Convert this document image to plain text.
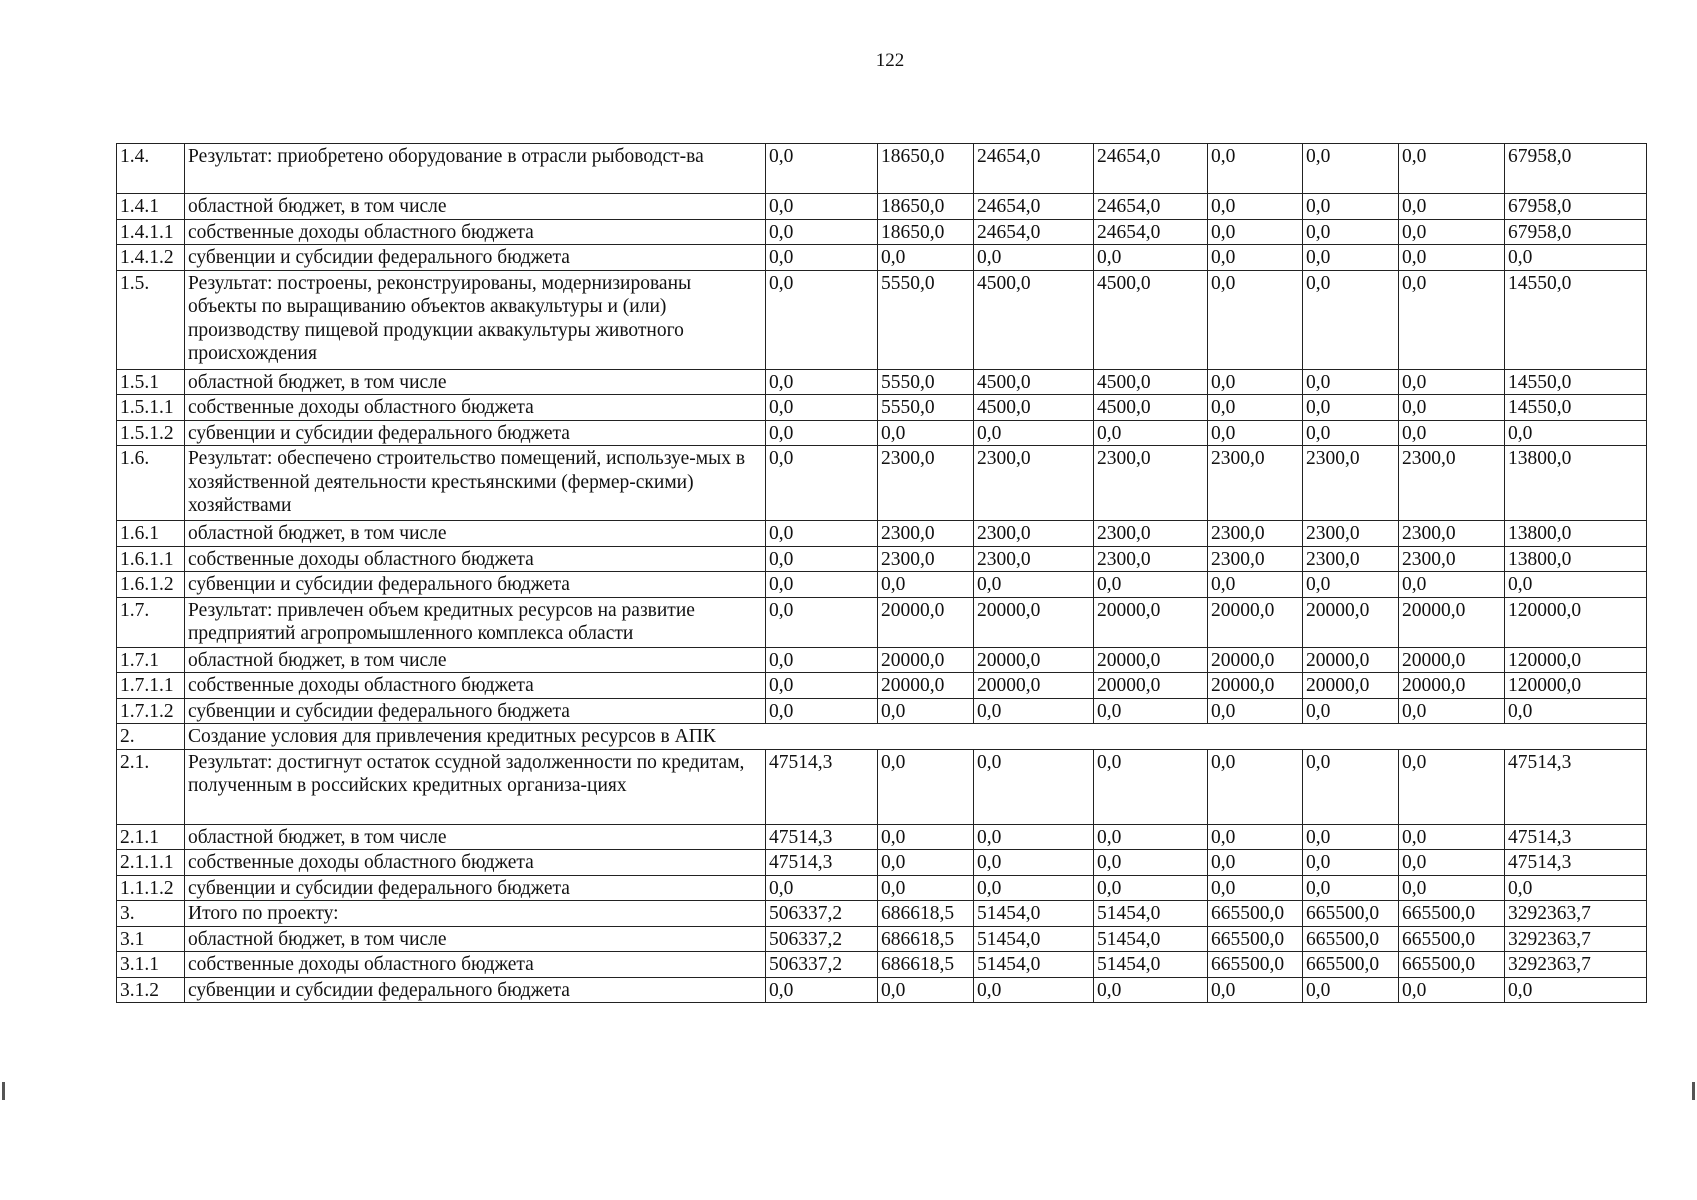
122
1.4.	Результат: приобретено оборудование в отрасли рыбоводст-ва	0,0	18650,0	24654,0	24654,0	0,0	0,0	0,0	67958,0
1.4.1	областной бюджет, в том числе	0,0	18650,0	24654,0	24654,0	0,0	0,0	0,0	67958,0
1.4.1.1	собственные доходы областного бюджета	0,0	18650,0	24654,0	24654,0	0,0	0,0	0,0	67958,0
1.4.1.2	субвенции и субсидии федерального бюджета	0,0	0,0	0,0	0,0	0,0	0,0	0,0	0,0
1.5.	Результат: построены, реконструированы, модернизированы объекты по выращиванию объектов аквакультуры и (или) производству пищевой продукции аквакультуры животного происхождения	0,0	5550,0	4500,0	4500,0	0,0	0,0	0,0	14550,0
1.5.1	областной бюджет, в том числе	0,0	5550,0	4500,0	4500,0	0,0	0,0	0,0	14550,0
1.5.1.1	собственные доходы областного бюджета	0,0	5550,0	4500,0	4500,0	0,0	0,0	0,0	14550,0
1.5.1.2	субвенции и субсидии федерального бюджета	0,0	0,0	0,0	0,0	0,0	0,0	0,0	0,0
1.6.	Результат: обеспечено строительство помещений, используе-мых в хозяйственной деятельности крестьянскими (фермер-скими) хозяйствами	0,0	2300,0	2300,0	2300,0	2300,0	2300,0	2300,0	13800,0
1.6.1	областной бюджет, в том числе	0,0	2300,0	2300,0	2300,0	2300,0	2300,0	2300,0	13800,0
1.6.1.1	собственные доходы областного бюджета	0,0	2300,0	2300,0	2300,0	2300,0	2300,0	2300,0	13800,0
1.6.1.2	субвенции и субсидии федерального бюджета	0,0	0,0	0,0	0,0	0,0	0,0	0,0	0,0
1.7.	Результат: привлечен объем кредитных ресурсов на развитие предприятий агропромышленного комплекса области	0,0	20000,0	20000,0	20000,0	20000,0	20000,0	20000,0	120000,0
1.7.1	областной бюджет, в том числе	0,0	20000,0	20000,0	20000,0	20000,0	20000,0	20000,0	120000,0
1.7.1.1	собственные доходы областного бюджета	0,0	20000,0	20000,0	20000,0	20000,0	20000,0	20000,0	120000,0
1.7.1.2	субвенции и субсидии федерального бюджета	0,0	0,0	0,0	0,0	0,0	0,0	0,0	0,0
2.	Создание условия для привлечения кредитных ресурсов в АПК								
2.1.	Результат: достигнут остаток ссудной задолженности по кредитам, полученным в российских кредитных организа-циях	47514,3	0,0	0,0	0,0	0,0	0,0	0,0	47514,3
2.1.1	областной бюджет, в том числе	47514,3	0,0	0,0	0,0	0,0	0,0	0,0	47514,3
2.1.1.1	собственные доходы областного бюджета	47514,3	0,0	0,0	0,0	0,0	0,0	0,0	47514,3
1.1.1.2	субвенции и субсидии федерального бюджета	0,0	0,0	0,0	0,0	0,0	0,0	0,0	0,0
3.	Итого по проекту:	506337,2	686618,5	51454,0	51454,0	665500,0	665500,0	665500,0	3292363,7
3.1	областной бюджет, в том числе	506337,2	686618,5	51454,0	51454,0	665500,0	665500,0	665500,0	3292363,7
3.1.1	собственные доходы областного бюджета	506337,2	686618,5	51454,0	51454,0	665500,0	665500,0	665500,0	3292363,7
3.1.2	субвенции и субсидии федерального бюджета	0,0	0,0	0,0	0,0	0,0	0,0	0,0	0,0
